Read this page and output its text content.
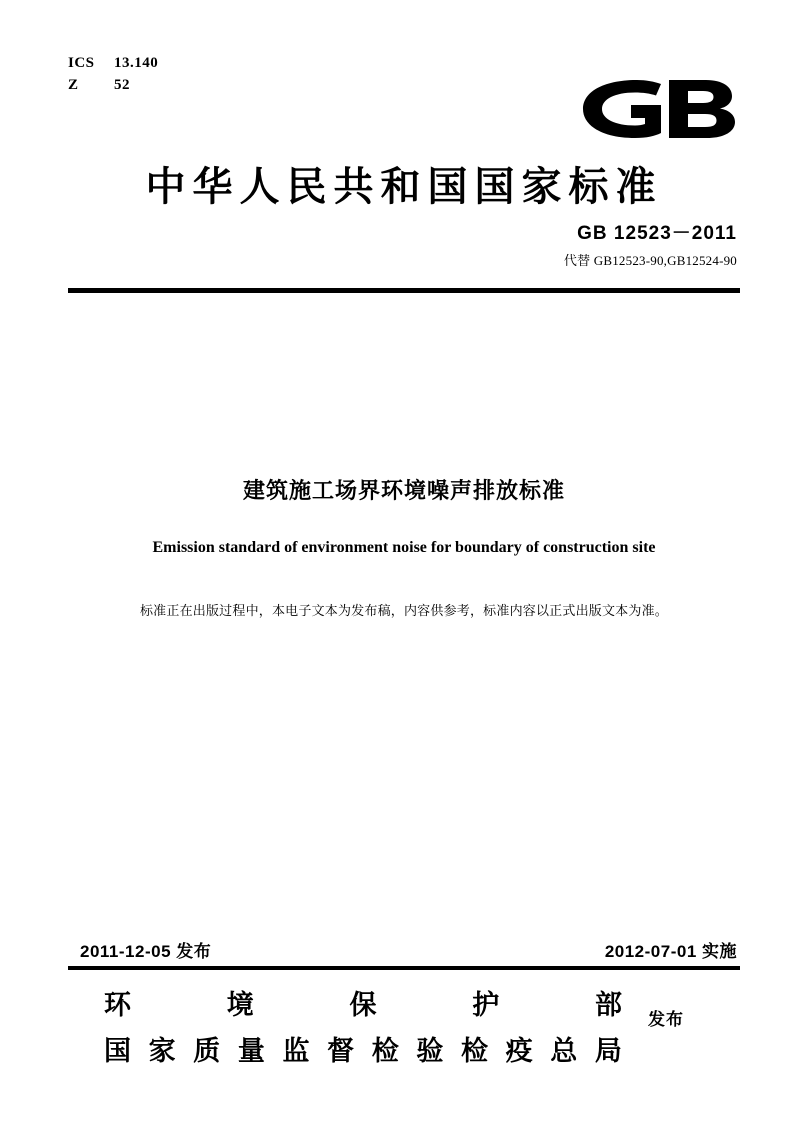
ICS 13.140
Z 52
中华人民共和国国家标准
GB 12523－2011
代替 GB12523-90,GB12524-90
建筑施工场界环境噪声排放标准
Emission standard of environment noise for boundary of construction site
标准正在出版过程中，本电子文本为发布稿，内容供参考，标准内容以正式出版文本为准。
2011-12-05 发布	2012-07-01 实施
环	境	保	护	部
国 家 质 量 监 督 检 验 检 疫 总 局
发布
